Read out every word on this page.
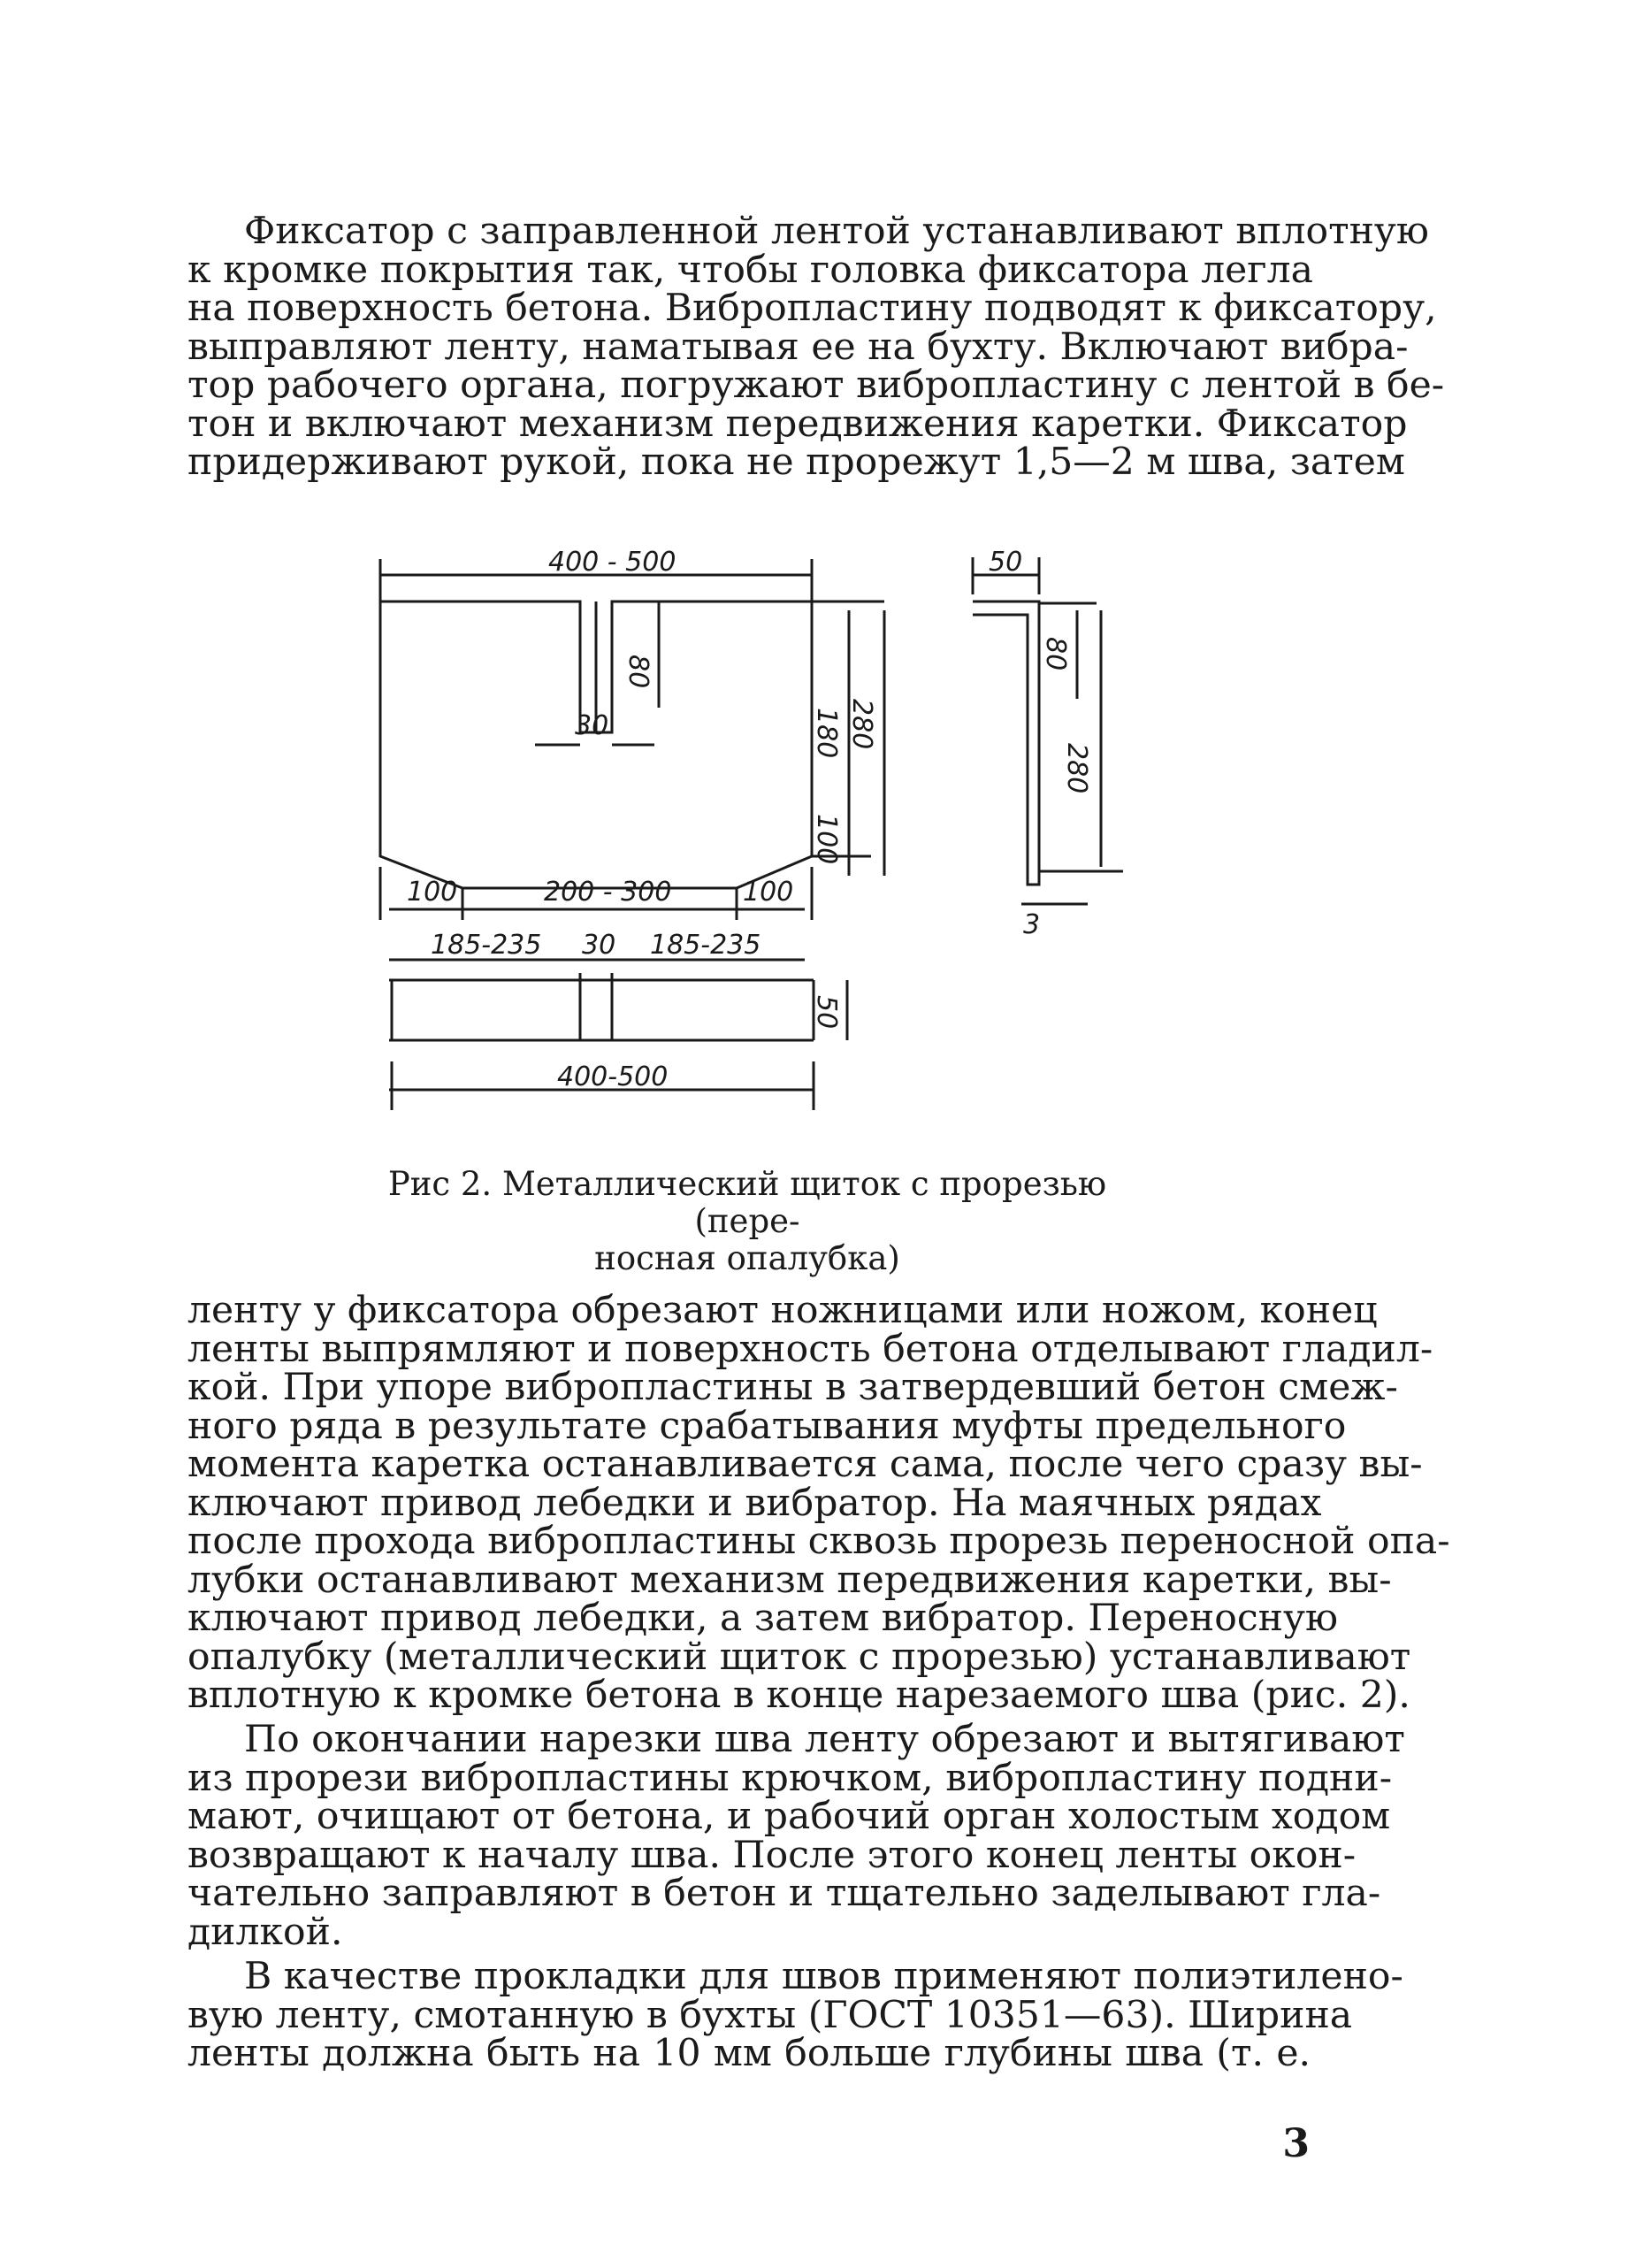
Фиксатор с заправленной лентой устанавливают вплотную
к кромке покрытия так, чтобы головка фиксатора легла
на поверхность бетона. Вибропластину подводят к фиксатору,
выправляют ленту, наматывая ее на бухту. Включают вибра-
тор рабочего органа, погружают вибропластину с лентой в бе-
тон и включают механизм передвижения каретки. Фиксатор
придерживают рукой, пока не прорежут 1,5—2 м шва, затем
400 - 500
80
30	180 280
100
100	200 - 300	100
185-235 30 185-235
50
400-500
50
80
280
3
Рис 2. Металлический щиток с прорезью (пере-
носная опалубка)
ленту у фиксатора обрезают ножницами или ножом, конец
ленты выпрямляют и поверхность бетона отделывают гладил-
кой. При упоре вибропластины в затвердевший бетон смеж-
ного ряда в результате срабатывания муфты предельного
момента каретка останавливается сама, после чего сразу вы-
ключают привод лебедки и вибратор. На маячных рядах
после прохода вибропластины сквозь прорезь переносной опа-
лубки останавливают механизм передвижения каретки, вы-
ключают привод лебедки, а затем вибратор. Переносную
опалубку (металлический щиток с прорезью) устанавливают
вплотную к кромке бетона в конце нарезаемого шва (рис. 2).
По окончании нарезки шва ленту обрезают и вытягивают
из прорези вибропластины крючком, вибропластину подни-
мают, очищают от бетона, и рабочий орган холостым ходом
возвращают к началу шва. После этого конец ленты окон-
чательно заправляют в бетон и тщательно заделывают гла-
дилкой.
В качестве прокладки для швов применяют полиэтилено-
вую ленту, смотанную в бухты (ГОСТ 10351—63). Ширина
ленты должна быть на 10 мм больше глубины шва (т. е.
3
